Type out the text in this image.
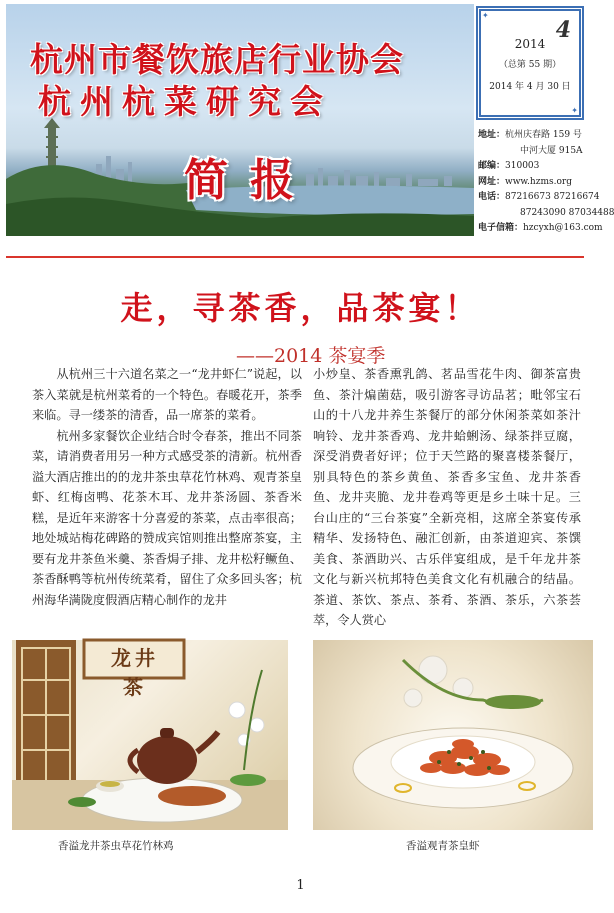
杭州市餐饮旅店行业协会
杭州杭菜研究会
简报
✦
✦
4
2014
（总第 55 期）
2014 年 4 月 30 日
地址：杭州庆春路 159 号
中河大厦 915A
邮编：310003
网址：www.hzms.org
电话：87216673 87216674
87243090 87034488
电子信箱：hzcyxh@163.com
走，寻茶香，品茶宴！
——2014 茶宴季

从杭州三十六道名菜之一“龙井虾仁”说起，以茶入菜就是杭州菜肴的一个特色。春暖花开，茶季来临。寻一缕茶的清香，品一席茶的菜肴。

杭州多家餐饮企业结合时令春茶，推出不同茶菜，请消费者用另一种方式感受茶的清新。杭州香溢大酒店推出的的龙井茶虫草花竹林鸡、观青茶皇虾、红梅卤鸭、花茶木耳、龙井茶汤圆、茶香米糕，是近年来游客十分喜爱的茶菜，点击率很高；地处城站梅花碑路的赞成宾馆则推出整席茶宴，主要有龙井茶鱼米羹、茶香焗子排、龙井松籽鳜鱼、茶香酥鸭等杭州传统菜肴，留住了众多回头客；杭州海华满陇度假酒店精心制作的龙井

小炒皇、茶香熏乳鸽、茗品雪花牛肉、御茶富贵鱼、茶汁煸菌菇，吸引游客寻访品茗；毗邻宝石山的十八龙井养生茶餐厅的部分休闲茶菜如茶汁响铃、龙井茶香鸡、龙井蛤蜊汤、绿茶拌豆腐，深受消费者好评；位于天竺路的聚喜楼茶餐厅，别具特色的茶乡黄鱼、茶香多宝鱼、龙井茶香鱼、龙井夹脆、龙井卷鸡等更是乡土味十足。三台山庄的“三台茶宴”全新亮相，这席全茶宴传承精华、发扬特色、融汇创新，由茶道迎宾、茶馔美食、茶酒助兴、古乐伴宴组成，是千年龙井茶文化与新兴杭邦特色美食文化有机融合的结晶。茶道、茶饮、茶点、茶肴、茶酒、茶乐，六茶荟萃，令人赏心

龙井茶
香溢龙井茶虫草花竹林鸡	香溢观青茶皇虾
1
